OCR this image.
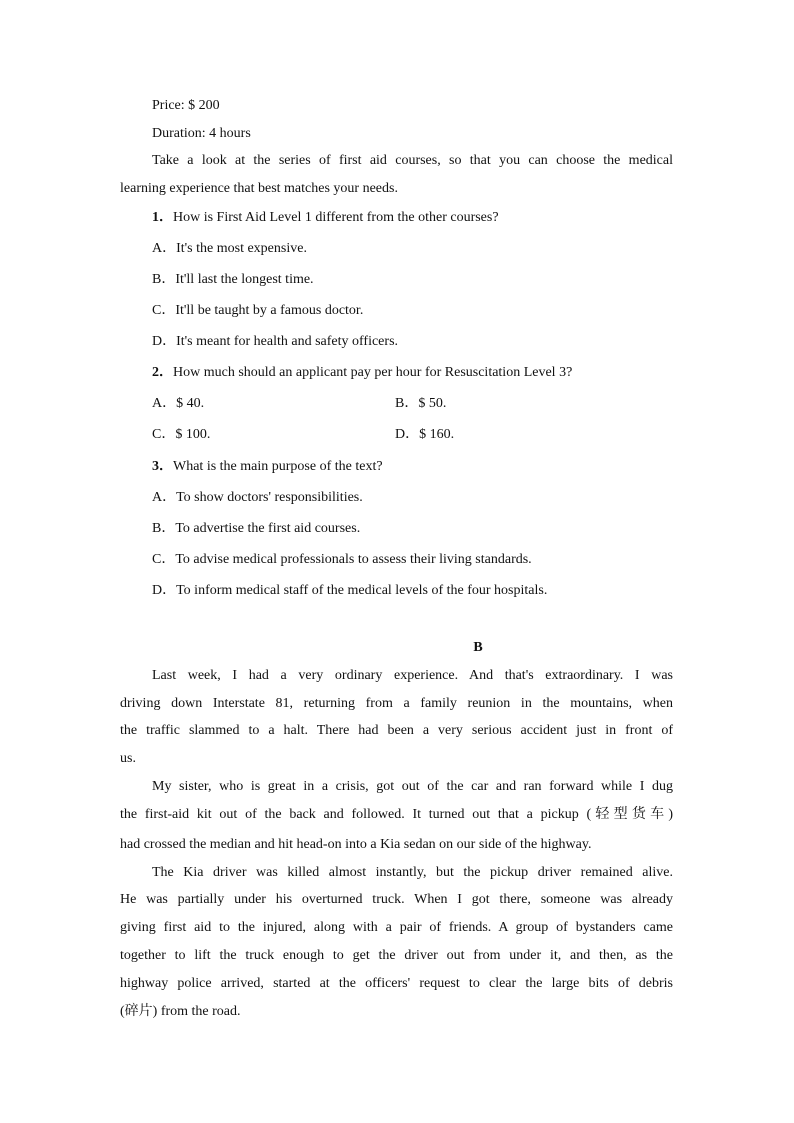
Price: $ 200
Duration: 4 hours
Take a look at the series of first aid courses, so that you can choose the medical
learning experience that best matches your needs.
1．How is First Aid Level 1 different from the other courses?
A．It's the most expensive.
B．It'll last the longest time.
C．It'll be taught by a famous doctor.
D．It's meant for health and safety officers.
2．How much should an applicant pay per hour for Resuscitation Level 3?
A．$ 40.	B．$ 50.
C．$ 100.	D．$ 160.
3．What is the main purpose of the text?
A．To show doctors' responsibilities.
B．To advertise the first aid courses.
C．To advise medical professionals to assess their living standards.
D．To inform medical staff of the medical levels of the four hospitals.
B
Last week, I had a very ordinary experience. And that's extraordinary. I was
driving down Interstate 81, returning from a family reunion in the mountains, when
the traffic slammed to a halt. There had been a very serious accident just in front of
us.
My sister, who is great in a crisis, got out of the car and ran forward while I dug
the first-aid kit out of the back and followed. It turned out that a pickup (轻型货车)
had crossed the median and hit head-on into a Kia sedan on our side of the highway.
The Kia driver was killed almost instantly, but the pickup driver remained alive.
He was partially under his overturned truck. When I got there, someone was already
giving first aid to the injured, along with a pair of friends. A group of bystanders came
together to lift the truck enough to get the driver out from under it, and then, as the
highway police arrived, started at the officers' request to clear the large bits of debris
(碎片) from the road.
